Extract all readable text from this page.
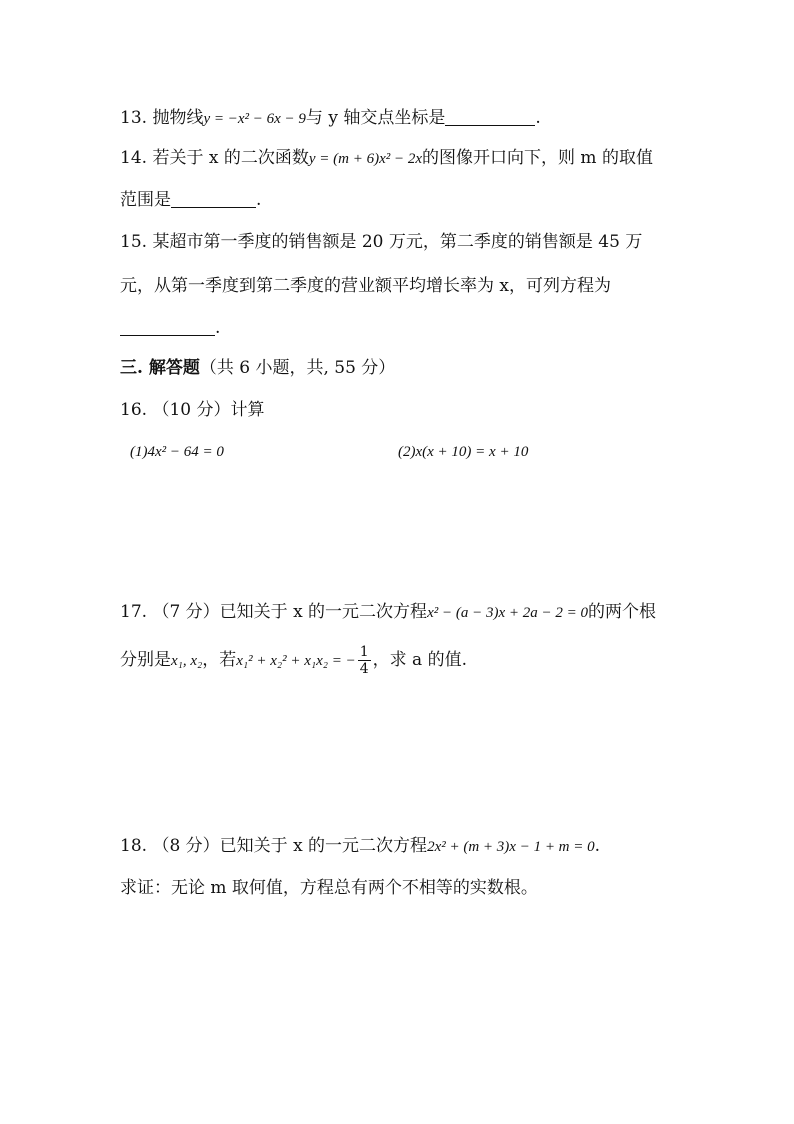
13. 抛物线y = −x² − 6x − 9与 y 轴交点坐标是	.
14. 若关于 x 的二次函数y = (m + 6)x² − 2x的图像开口向下，则 m 的取值
范围是	.
15. 某超市第一季度的销售额是 20 万元，第二季度的销售额是 45 万
元，从第一季度到第二季度的营业额平均增长率为 x，可列方程为
.
三. 解答题（共 6 小题，共, 55 分）
16. （10 分）计算
(1)4x² − 64 = 0	(2)x(x + 10) = x + 10
17. （7 分）已知关于 x 的一元二次方程x² − (a − 3)x + 2a − 2 = 0的两个根
分别是x₁, x₂，若x₁² + x₂² + x₁x₂ = − $\frac{1}{4}$ ，求 a 的值.
18. （8 分）已知关于 x 的一元二次方程2x² + (m + 3)x − 1 + m = 0.
求证：无论 m 取何值，方程总有两个不相等的实数根。
